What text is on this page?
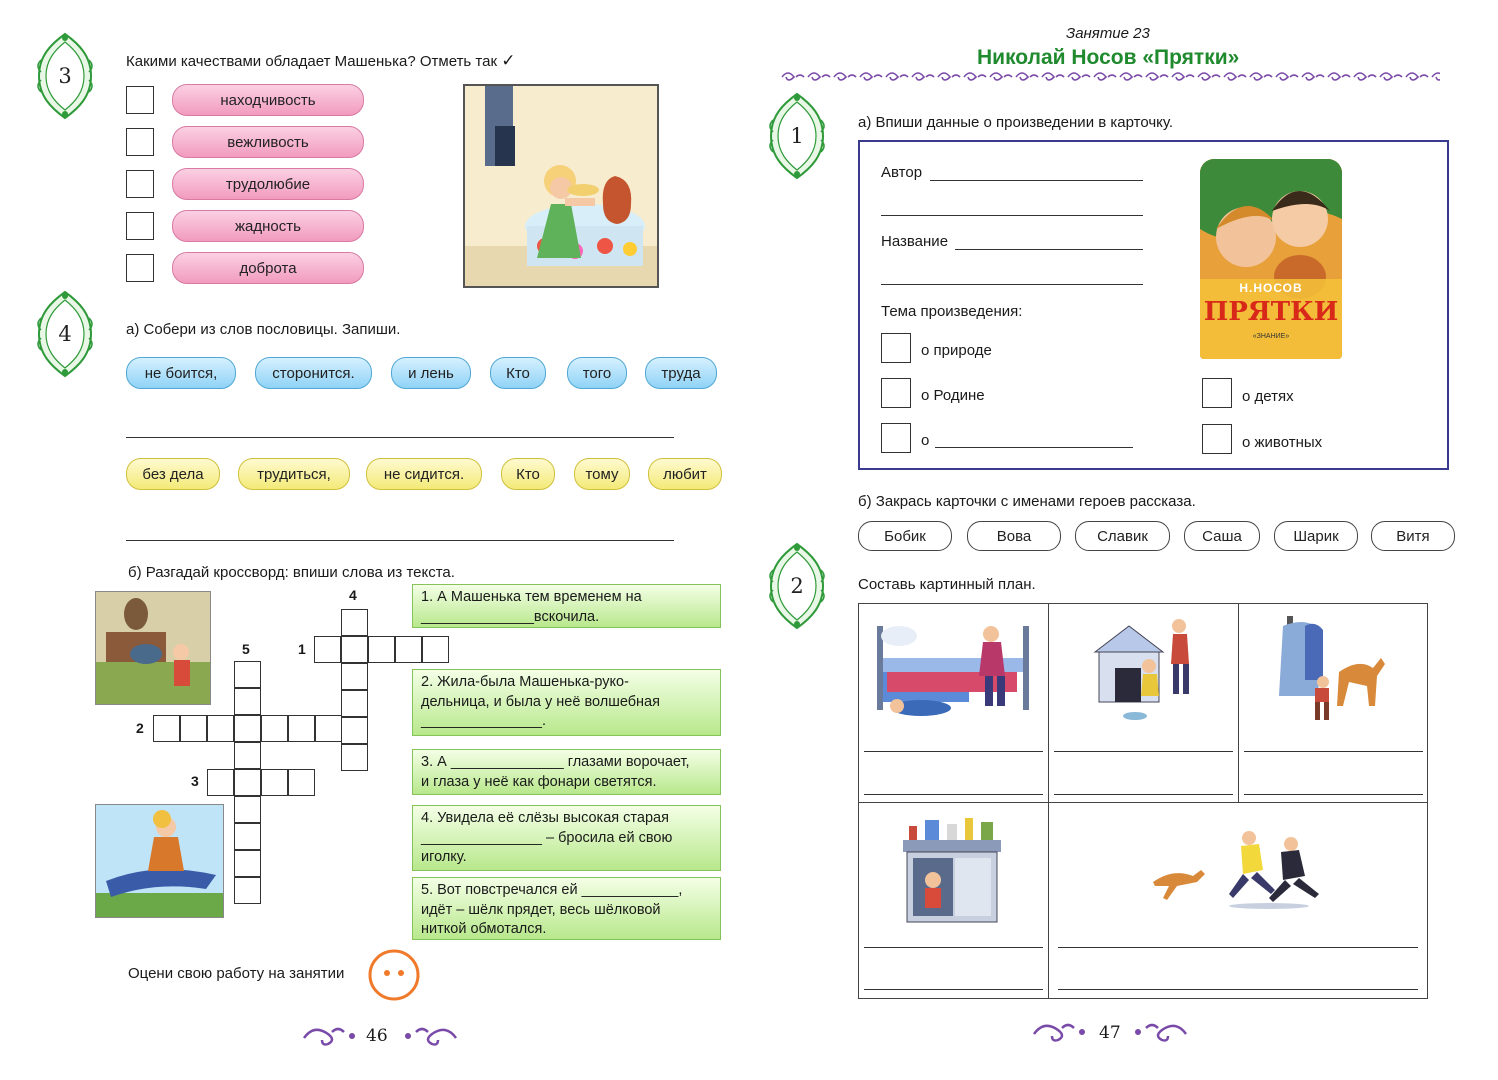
3
Какими качествами обладает Машенька? Отметь так ✓
находчивость
вежливость
трудолюбие
жадность
доброта
4	а) Собери из слов пословицы. Запиши.
не боится,	сторонится.	и лень	Кто	того	труда
без дела	трудиться,	не сидится.	Кто	тому	любит
б) Разгадай кроссворд: впиши слова из текста.
4
5	1
2
3
1. А Машенька тем временем на
______________вскочила.
2. Жила-была Машенька-руко-
дельница, и была у неё волшебная
_______________.
3. А ______________ глазами ворочает,
и глаза у неё как фонари светятся.
4. Увидела её слёзы высокая старая
_______________ – бросила ей свою
иголку.
5. Вот повстречался ей ____________,
идёт – шёлк прядет, весь шёлковой
ниткой обмотался.
Оцени свою работу на занятии
46
Занятие 23
Николай Носов «Прятки»
1
а) Впиши данные о произведении в карточку.
Автор
Название
Тема произведения:
о природе
о Родине
о
о детях
о животных
Н.НОСОВ
ПРЯТКИ
«ЗНАНИЕ»
б) Закрась карточки с именами героев рассказа.
Бобик	Вова	Славик	Саша	Шарик	Витя
2	Составь картинный план.
47
